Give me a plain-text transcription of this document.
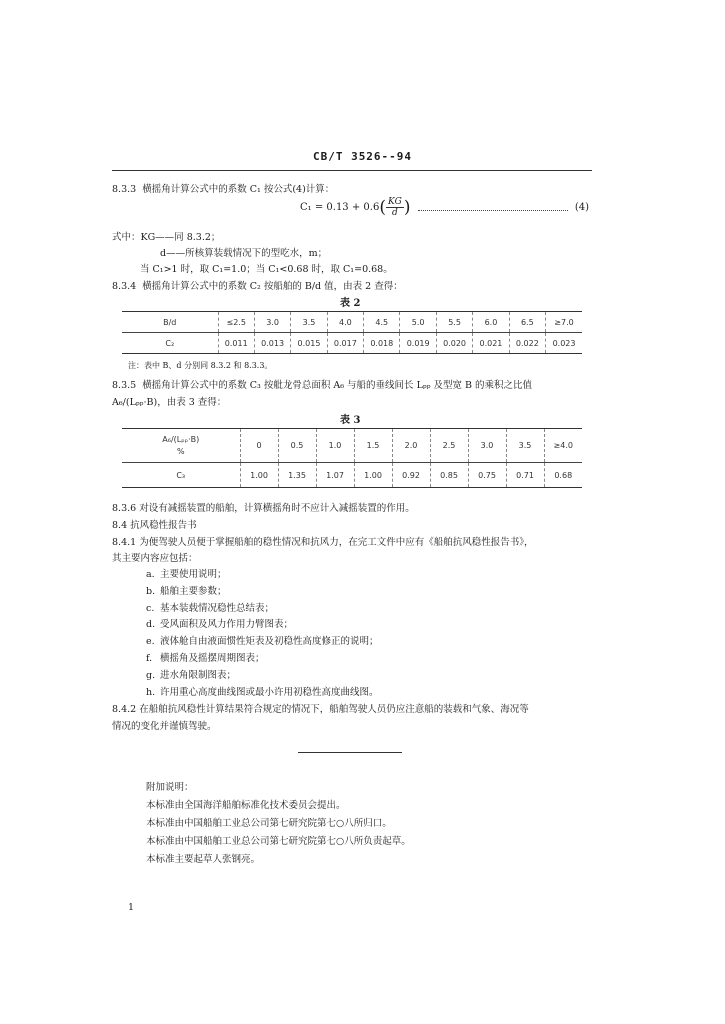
CB/T 3526--94
8.3.3 横摇角计算公式中的系数 C₁ 按公式(4)计算：
$C_1 = 0.13 + 0.6( \frac{KG}{d}$ )	(4)
式中：KG——同 8.3.2；
d——所核算装载情况下的型吃水，m；
当 C₁>1 时，取 C₁=1.0；当 C₁<0.68 时，取 C₁=0.68。
8.3.4 横摇角计算公式中的系数 C₂ 按船舶的 B/d 值，由表 2 查得：
表 2
B/d	≤2.5	3.0	3.5	4.0	4.5	5.0	5.5	6.0	6.5	≥7.0
C₂	0.011	0.013	0.015	0.017	0.018	0.019	0.020	0.021	0.022	0.023
注：表中 B、d 分别同 8.3.2 和 8.3.3。
8.3.5 横摇角计算公式中的系数 C₃ 按舭龙骨总面积 A₆ 与船的垂线间长 Lₚₚ 及型宽 B 的乘积之比值
A₆/(Lₚₚ·B)，由表 3 查得：
表 3
A₆/(Lₚₚ·B)
%	0	0.5	1.0	1.5	2.0	2.5	3.0	3.5	≥4.0
C₃	1.00	1.35	1.07	1.00	0.92	0.85	0.75	0.71	0.68
8.3.6 对设有减摇装置的船舶，计算横摇角时不应计入减摇装置的作用。
8.4 抗风稳性报告书
8.4.1 为便驾驶人员便于掌握船舶的稳性情况和抗风力，在完工文件中应有《船舶抗风稳性报告书》，
其主要内容应包括：
a. 主要使用说明；
b. 船舶主要参数；
c. 基本装载情况稳性总结表；
d. 受风面积及风力作用力臂图表；
e. 液体舱自由液面惯性矩表及初稳性高度修正的说明；
f. 横摇角及摇摆周期图表；
g. 进水角限制图表；
h. 许用重心高度曲线图或最小许用初稳性高度曲线图。
8.4.2 在船舶抗风稳性计算结果符合规定的情况下，船舶驾驶人员仍应注意船的装载和气象、海况等
情况的变化并谨慎驾驶。
附加说明：
本标准由全国海洋船舶标准化技术委员会提出。
本标准由中国船舶工业总公司第七研究院第七○八所归口。
本标准由中国船舶工业总公司第七研究院第七○八所负责起草。
本标准主要起草人张钢亮。
1
